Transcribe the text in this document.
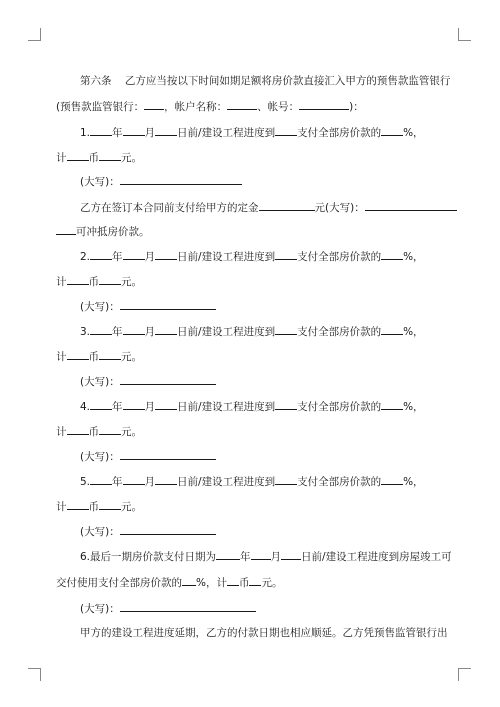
第六条 乙方应当按以下时间如期足额将房价款直接汇入甲方的预售款监管银行
(预售款监管银行： ，帐户名称：	、帐号：	)：
1. 年 月 日前/建设工程进度到 支付全部房价款的 %，
计 币 元。
(大写)：
乙方在签订本合同前支付给甲方的定金	元(大写)：
可冲抵房价款。
2. 年 月 日前/建设工程进度到 支付全部房价款的 %，
计 币 元。
(大写)：
3. 年 月 日前/建设工程进度到 支付全部房价款的 %，
计 币 元。
(大写)：
4. 年 月 日前/建设工程进度到 支付全部房价款的 %，
计 币 元。
(大写)：
5. 年 月 日前/建设工程进度到 支付全部房价款的 %，
计 币 元。
(大写)：
6.最后一期房价款支付日期为 年 月 日前/建设工程进度到房屋竣工可
交付使用支付全部房价款的 %，计 币 元。
(大写)：
甲方的建设工程进度延期，乙方的付款日期也相应顺延。乙方凭预售监管银行出
